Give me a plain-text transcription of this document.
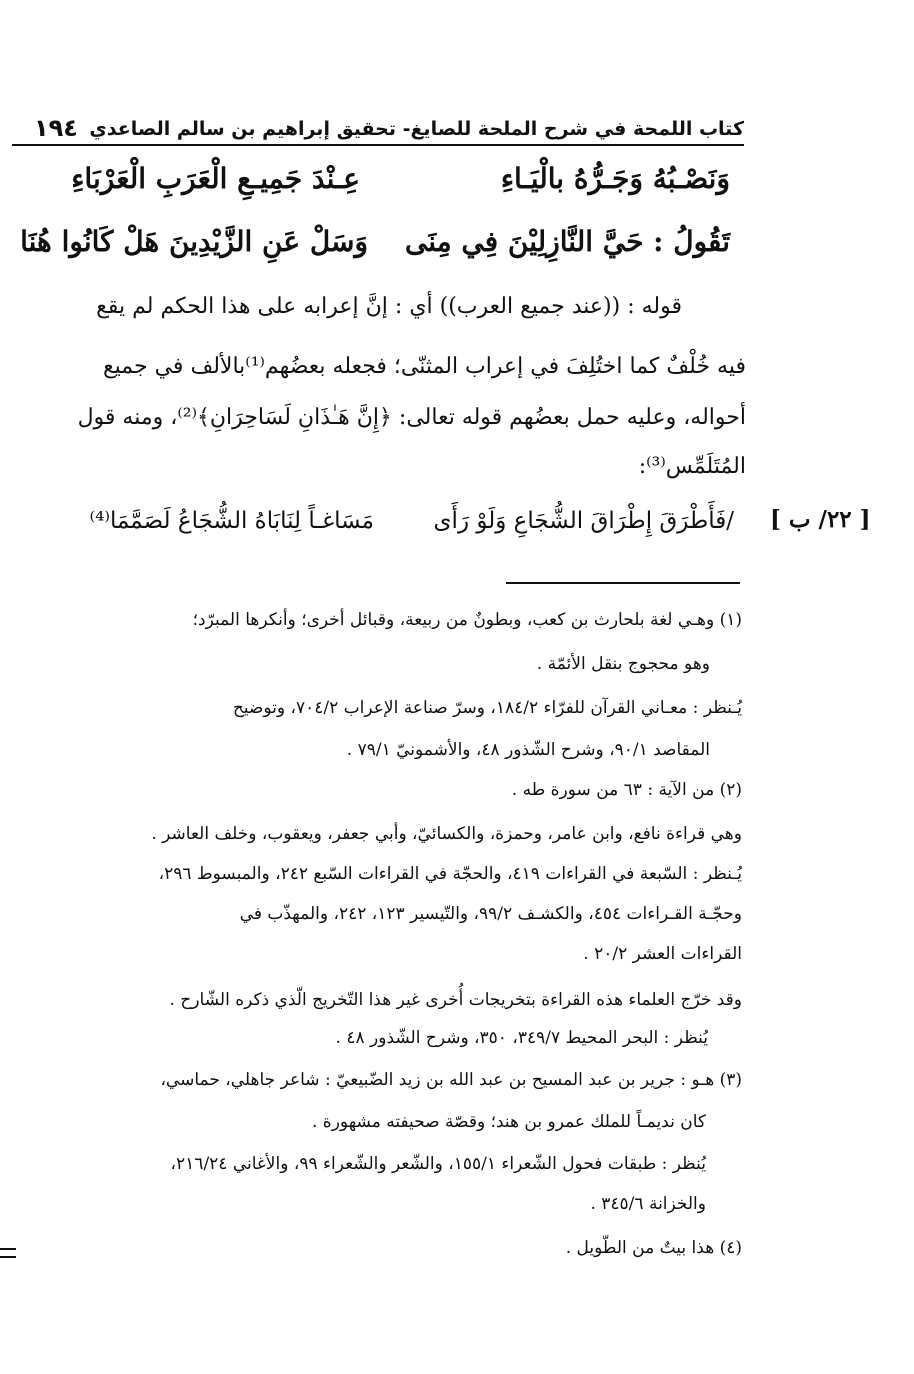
كتاب اللمحة في شرح الملحة للصايغ- تحقيق إبراهيم بن سالم الصاعدي
١٩٤
وَنَصْـبُهُ وَجَـرُّهُ بالْيَـاءِ
عِـنْدَ جَمِيـعِ الْعَرَبِ الْعَرْبَاءِ
تَقُولُ : حَيَّ النَّازِلِيْنَ فِي مِنَى
وَسَلْ عَنِ الزَّيْدِينَ هَلْ كَانُوا هُنَا
قوله : ((عند جميع العرب)) أي : إنَّ إعرابه على هذا الحكم لم يقع
فيه خُلْفٌ كما اختُلِفَ في إعراب المثنّى؛ فجعله بعضُهم⁽¹⁾بالألف في جميع
أحواله، وعليه حمل بعضُهم قوله تعالى: ﴿إِنَّ هَـٰذَانِ لَسَاحِرَانِ﴾⁽²⁾، ومنه قول
المُتَلَمِّس⁽³⁾:
[ ٢٢/ ب ]
/فَأَطْرَقَ إِطْرَاقَ الشُّجَاعِ وَلَوْ رَأَى
مَسَاغـاً لِنَابَاهُ الشُّجَاعُ لَصَمَّمَا⁽⁴⁾
(١) وهـي لغة بلحارث بن كعب، وبطونٌ من ربيعة، وقبائل أخرى؛ وأنكرها المبرّد؛
وهو محجوج بنقل الأئمّة .
يُـنظر : معـاني القرآن للفرّاء ١٨٤/٢، وسرّ صناعة الإعراب ٧٠٤/٢، وتوضيح
المقاصد ٩٠/١، وشرح الشّذور ٤٨، والأشمونيّ ٧٩/١ .
(٢) من الآية : ٦٣ من سورة طه .
وهي قراءة نافع، وابن عامر، وحمزة، والكسائيّ، وأبي جعفر، ويعقوب، وخلف العاشر .
يُـنظر : السّبعة في القراءات ٤١٩، والحجّة في القراءات السّبع ٢٤٢، والمبسوط ٢٩٦،
وحجّـة القـراءات ٤٥٤، والكشـف ٩٩/٢، والتّيسير ١٢٣، ٢٤٢، والمهذّب في
القراءات العشر ٢٠/٢ .
وقد خرّج العلماء هذه القراءة بتخريجات أُخرى غير هذا التّخريج الّذي ذكره الشّارح .
يُنظر : البحر المحيط ٣٤٩/٧، ٣٥٠، وشرح الشّذور ٤٨ .
(٣) هـو : جرير بن عبد المسيح بن عبد الله بن زيد الضّبيعيّ : شاعر جاهلي، حماسي،
كان نديمـاً للملك عمرو بن هند؛ وقصّة صحيفته مشهورة .
يُنظر : طبقات فحول الشّعراء ١٥٥/١، والشّعر والشّعراء ٩٩، والأغاني ٢١٦/٢٤،
والخزانة ٣٤٥/٦ .
(٤) هذا بيتٌ من الطّويل .
